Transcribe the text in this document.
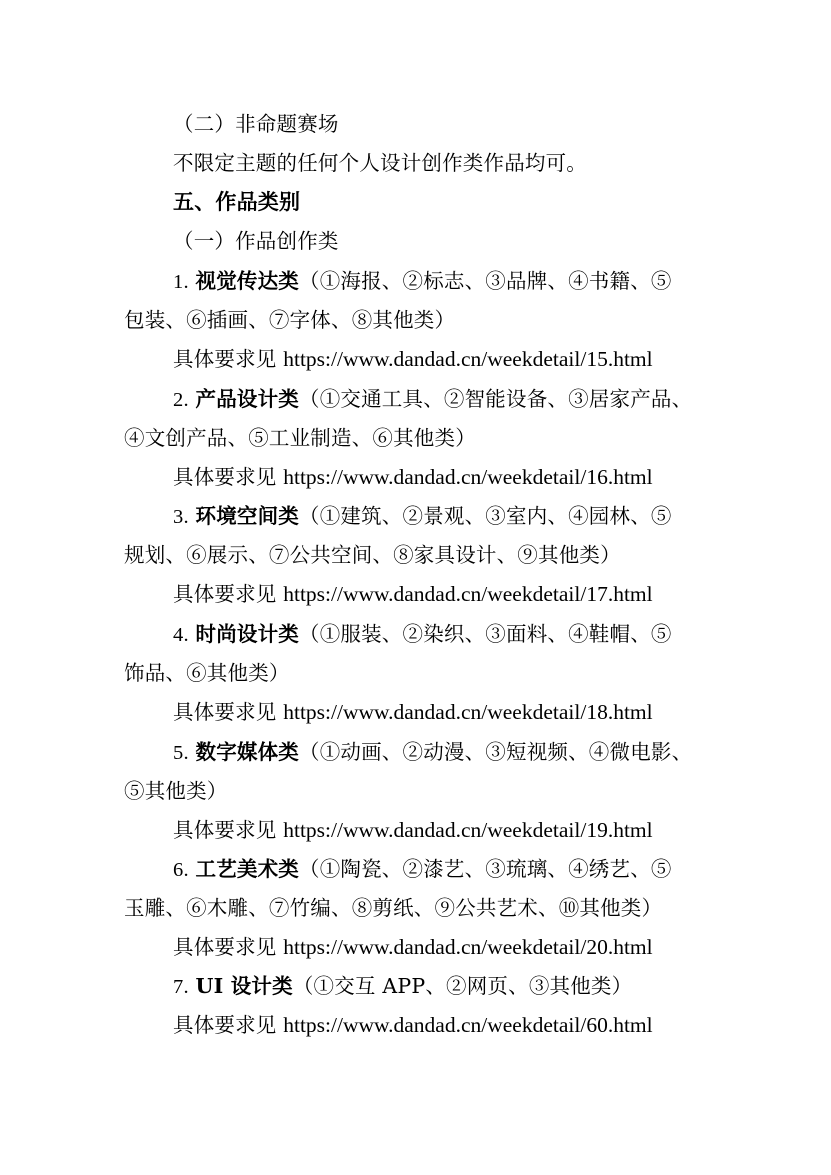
（二）非命题赛场
不限定主题的任何个人设计创作类作品均可。
五、作品类别
（一）作品创作类
1. 视觉传达类（①海报、②标志、③品牌、④书籍、⑤
包装、⑥插画、⑦字体、⑧其他类）
具体要求见 https://www.dandad.cn/weekdetail/15.html
2. 产品设计类（①交通工具、②智能设备、③居家产品、
④文创产品、⑤工业制造、⑥其他类）
具体要求见 https://www.dandad.cn/weekdetail/16.html
3. 环境空间类（①建筑、②景观、③室内、④园林、⑤
规划、⑥展示、⑦公共空间、⑧家具设计、⑨其他类）
具体要求见 https://www.dandad.cn/weekdetail/17.html
4. 时尚设计类（①服装、②染织、③面料、④鞋帽、⑤
饰品、⑥其他类）
具体要求见 https://www.dandad.cn/weekdetail/18.html
5. 数字媒体类（①动画、②动漫、③短视频、④微电影、
⑤其他类）
具体要求见 https://www.dandad.cn/weekdetail/19.html
6. 工艺美术类（①陶瓷、②漆艺、③琉璃、④绣艺、⑤
玉雕、⑥木雕、⑦竹编、⑧剪纸、⑨公共艺术、⑩其他类）
具体要求见 https://www.dandad.cn/weekdetail/20.html
7. UI 设计类（①交互 APP、②网页、③其他类）
具体要求见 https://www.dandad.cn/weekdetail/60.html
